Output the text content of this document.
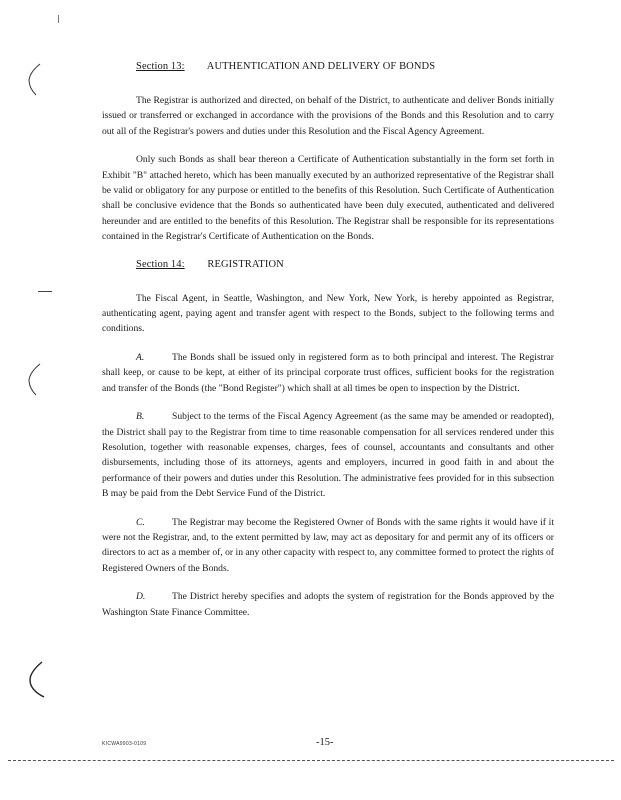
Section 13: AUTHENTICATION AND DELIVERY OF BONDS

The Registrar is authorized and directed, on behalf of the District, to authenticate and deliver Bonds initially issued or transferred or exchanged in accordance with the provisions of the Bonds and this Resolution and to carry out all of the Registrar's powers and duties under this Resolution and the Fiscal Agency Agreement.

Only such Bonds as shall bear thereon a Certificate of Authentication substantially in the form set forth in Exhibit "B" attached hereto, which has been manually executed by an authorized representative of the Registrar shall be valid or obligatory for any purpose or entitled to the benefits of this Resolution. Such Certificate of Authentication shall be conclusive evidence that the Bonds so authenticated have been duly executed, authenticated and delivered hereunder and are entitled to the benefits of this Resolution. The Registrar shall be responsible for its representations contained in the Registrar's Certificate of Authentication on the Bonds.

Section 14: REGISTRATION

The Fiscal Agent, in Seattle, Washington, and New York, New York, is hereby appointed as Registrar, authenticating agent, paying agent and transfer agent with respect to the Bonds, subject to the following terms and conditions.

A.	The Bonds shall be issued only in registered form as to both principal and interest. The Registrar shall keep, or cause to be kept, at either of its principal corporate trust offices, sufficient books for the registration and transfer of the Bonds (the "Bond Register") which shall at all times be open to inspection by the District.

B.	Subject to the terms of the Fiscal Agency Agreement (as the same may be amended or readopted), the District shall pay to the Registrar from time to time reasonable compensation for all services rendered under this Resolution, together with reasonable expenses, charges, fees of counsel, accountants and consultants and other disbursements, including those of its attorneys, agents and employers, incurred in good faith in and about the performance of their powers and duties under this Resolution. The administrative fees provided for in this subsection B may be paid from the Debt Service Fund of the District.

C.	The Registrar may become the Registered Owner of Bonds with the same rights it would have if it were not the Registrar, and, to the extent permitted by law, may act as depositary for and permit any of its officers or directors to act as a member of, or in any other capacity with respect to, any committee formed to protect the rights of Registered Owners of the Bonds.

D.	The District hereby specifies and adopts the system of registration for the Bonds approved by the Washington State Finance Committee.

KICWA9903-0109	-15-
